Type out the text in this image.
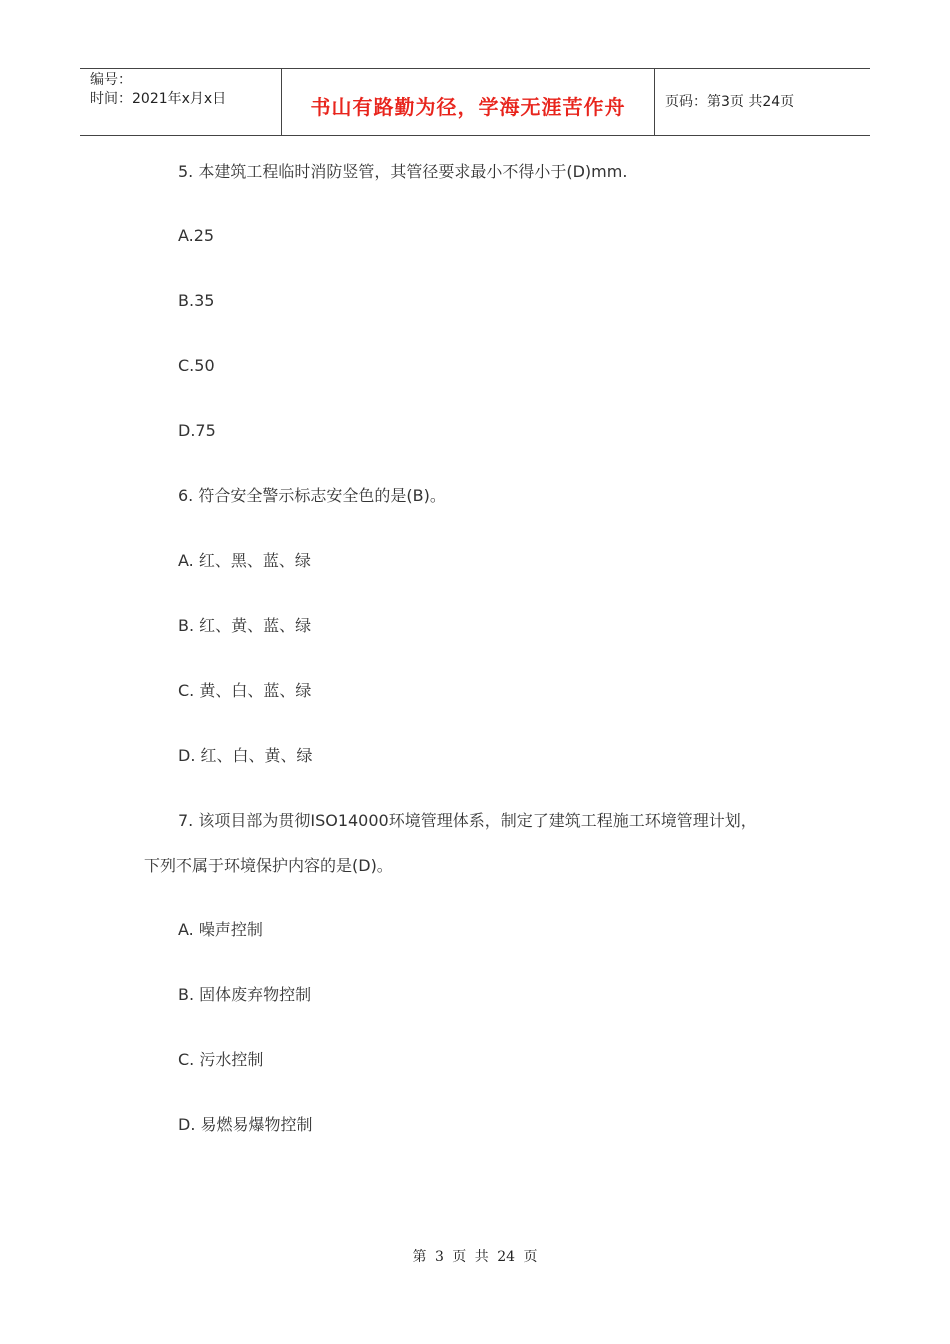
编号：
时间：2021年x月x日	书山有路勤为径，学海无涯苦作舟	页码：第3页 共24页
5. 本建筑工程临时消防竖管，其管径要求最小不得小于(D)mm.
A.25
B.35
C.50
D.75
6. 符合安全警示标志安全色的是(B)。
A. 红、黑、蓝、绿
B. 红、黄、蓝、绿
C. 黄、白、蓝、绿
D. 红、白、黄、绿
7. 该项目部为贯彻ISO14000环境管理体系，制定了建筑工程施工环境管理计划，
下列不属于环境保护内容的是(D)。
A. 噪声控制
B. 固体废弃物控制
C. 污水控制
D. 易燃易爆物控制
第 3 页 共 24 页
